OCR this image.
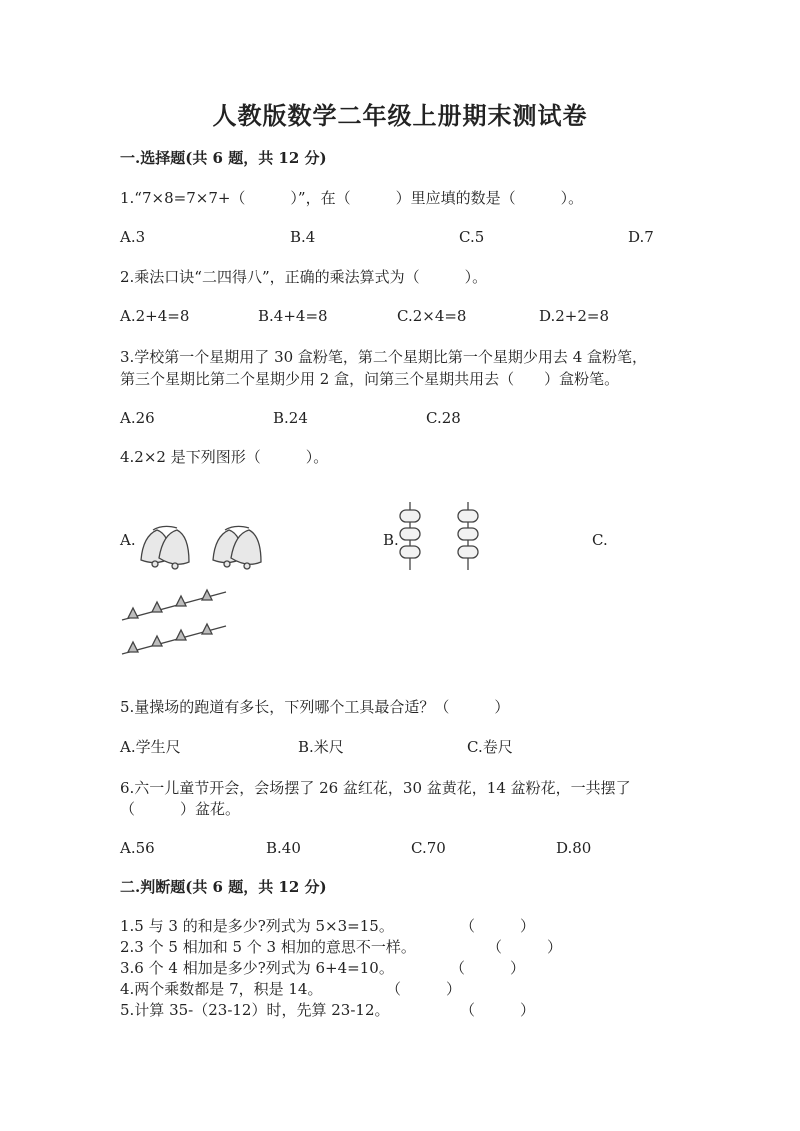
人教版数学二年级上册期末测试卷
一.选择题(共 6 题，共 12 分)
1.“7×8=7×7+（　　　）”，在（　　　）里应填的数是（　　　）。
A.3	B.4	C.5	D.7
2.乘法口诀“二四得八”，正确的乘法算式为（　　　）。
A.2+4=8	B.4+4=8	C.2×4=8	D.2+2=8
3.学校第一个星期用了 30 盒粉笔，第二个星期比第一个星期少用去 4 盒粉笔，
第三个星期比第二个星期少用 2 盒，问第三个星期共用去（　　）盒粉笔。
A.26	B.24	C.28
4.2×2 是下列图形（　　　）。
A.	B.	C.
5.量操场的跑道有多长，下列哪个工具最合适？（　　　）
A.学生尺	B.米尺	C.卷尺
6.六一儿童节开会，会场摆了 26 盆红花，30 盆黄花，14 盆粉花，一共摆了
（　　　）盆花。
A.56	B.40	C.70	D.80
二.判断题(共 6 题，共 12 分)
1.5 与 3 的和是多少?列式为 5×3=15。	（　　　）
2.3 个 5 相加和 5 个 3 相加的意思不一样。	（　　　）
3.6 个 4 相加是多少?列式为 6+4=10。	（　　　）
4.两个乘数都是 7，积是 14。	（　　　）
5.计算 35-（23-12）时，先算 23-12。	（　　　）
